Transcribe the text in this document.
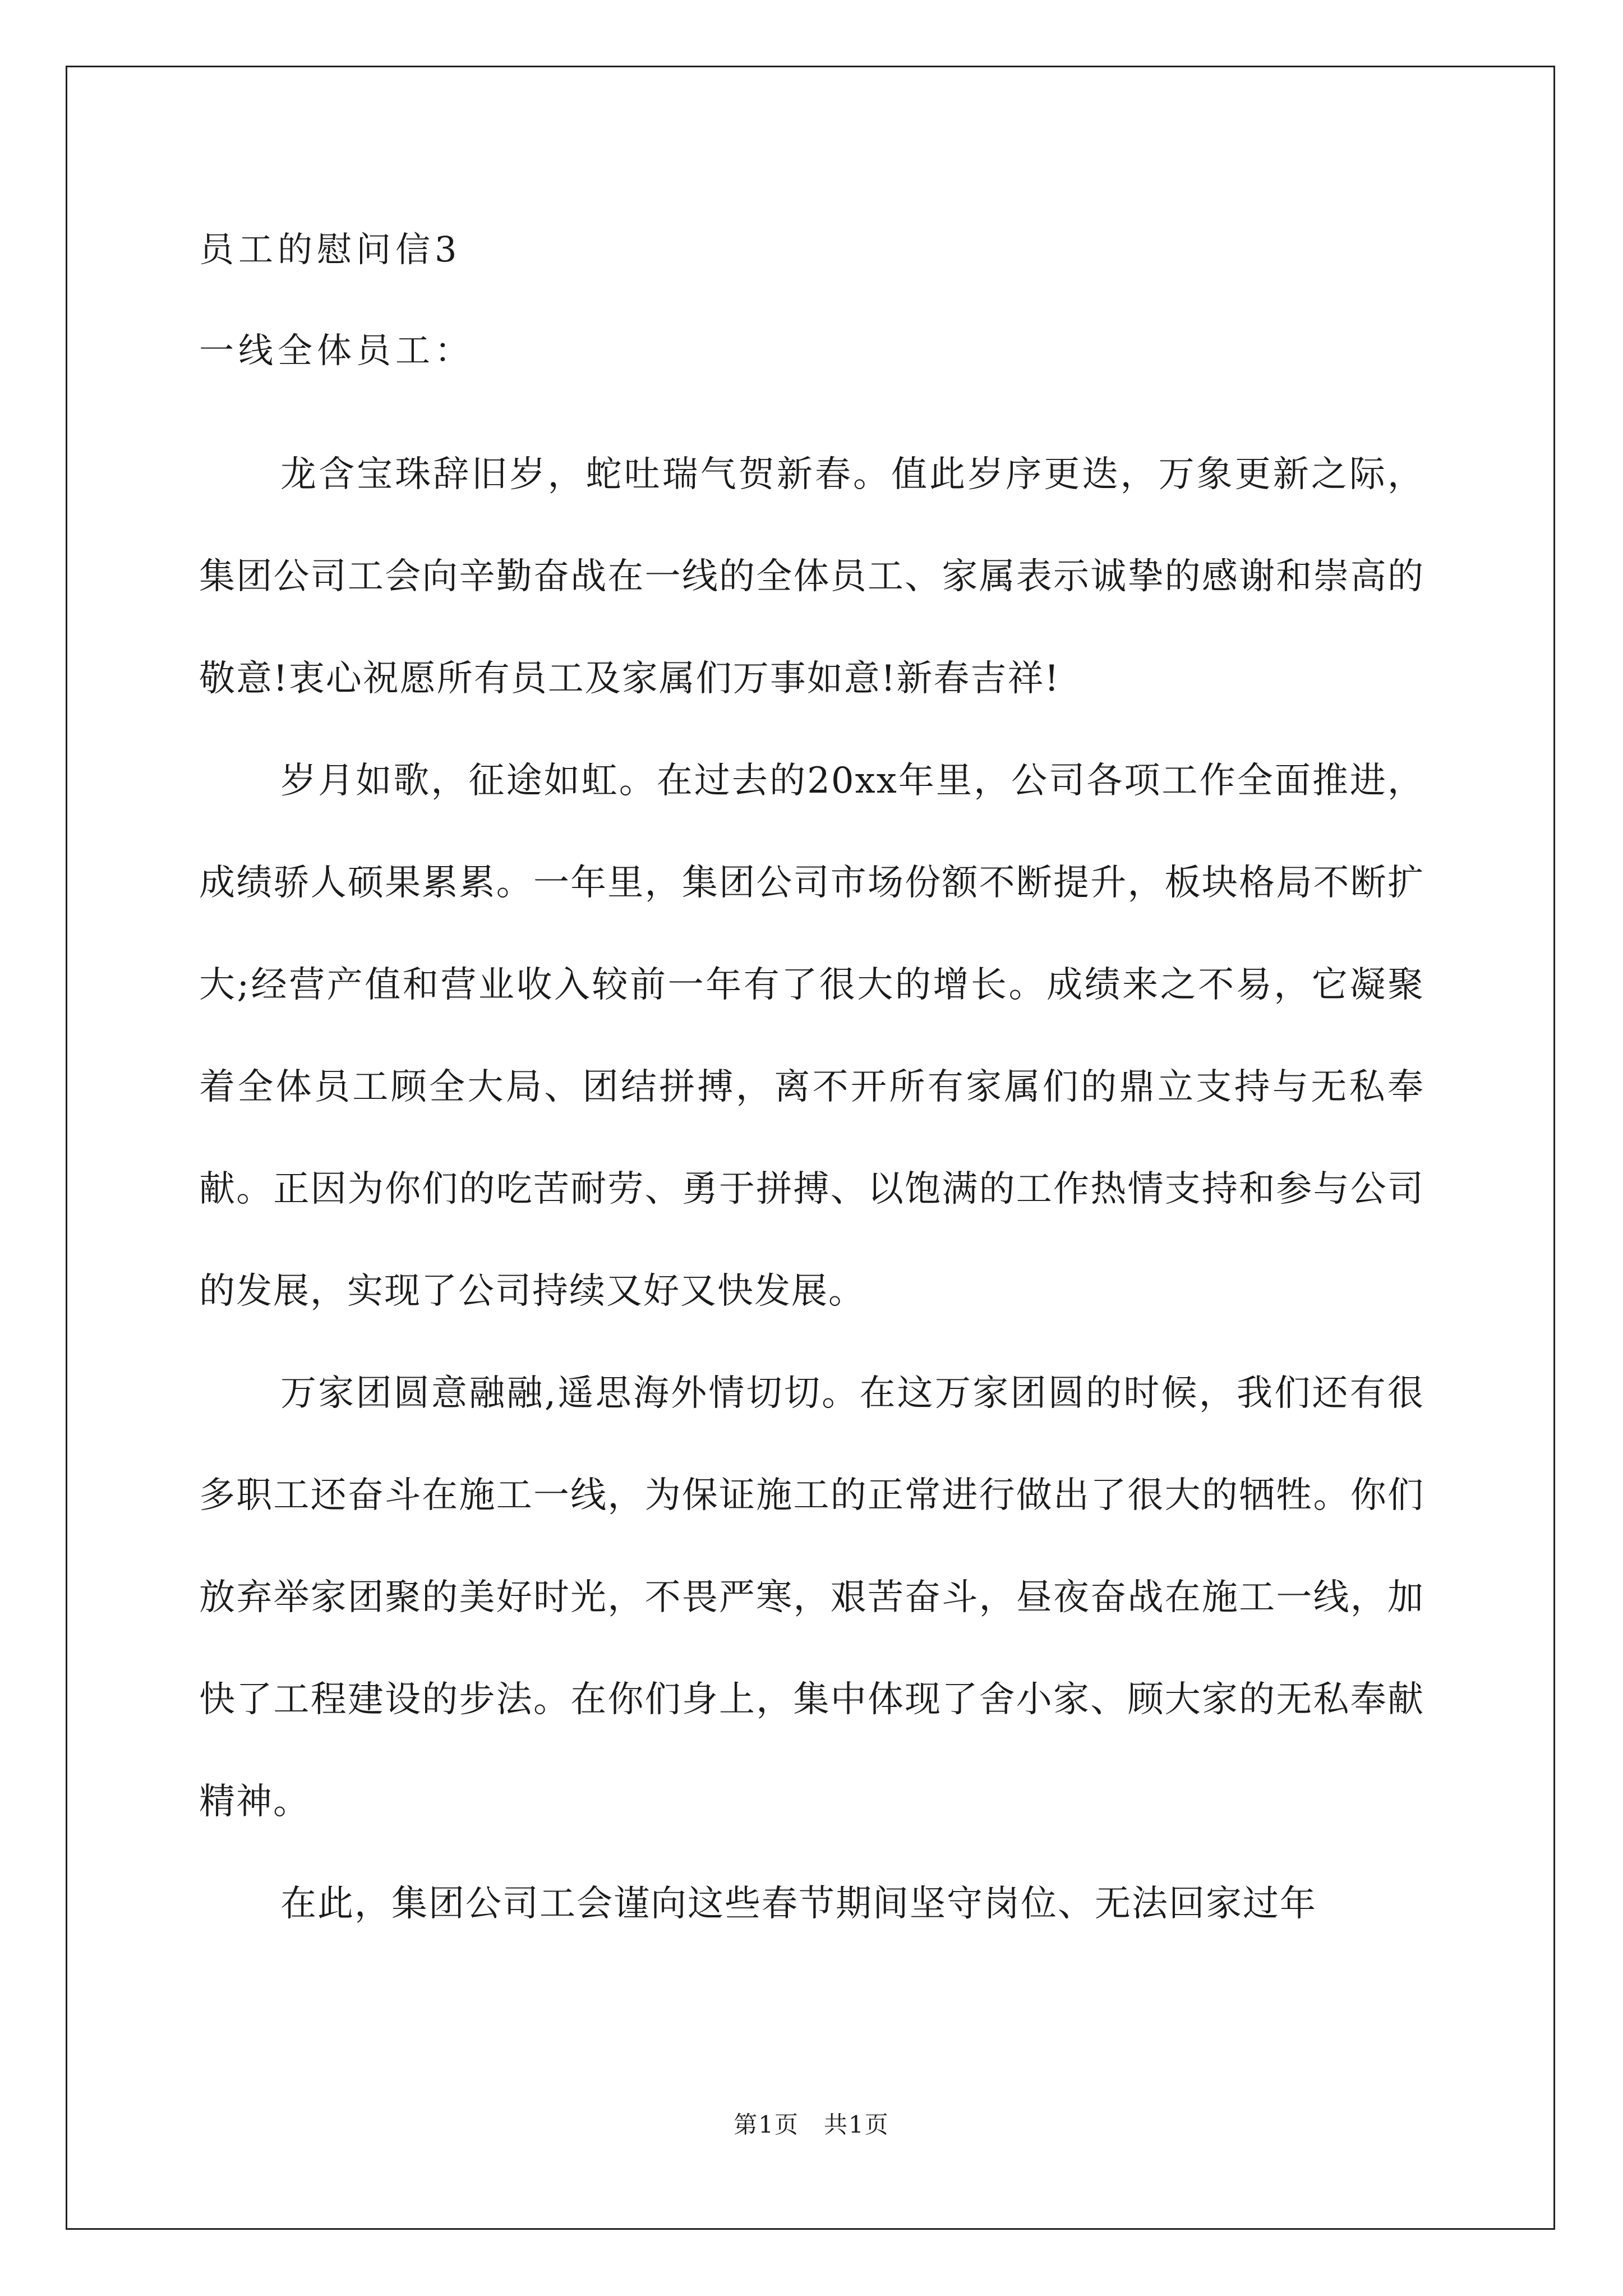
员工的慰问信3
一线全体员工：

龙含宝珠辞旧岁，蛇吐瑞气贺新春。值此岁序更迭，万象更新之际，集团公司工会向辛勤奋战在一线的全体员工、家属表示诚挚的感谢和崇高的敬意!衷心祝愿所有员工及家属们万事如意!新春吉祥!

岁月如歌，征途如虹。在过去的20xx年里，公司各项工作全面推进，成绩骄人硕果累累。一年里，集团公司市场份额不断提升，板块格局不断扩大;经营产值和营业收入较前一年有了很大的增长。成绩来之不易，它凝聚着全体员工顾全大局、团结拼搏，离不开所有家属们的鼎立支持与无私奉献。正因为你们的吃苦耐劳、勇于拼搏、以饱满的工作热情支持和参与公司的发展，实现了公司持续又好又快发展。

万家团圆意融融,遥思海外情切切。在这万家团圆的时候，我们还有很多职工还奋斗在施工一线，为保证施工的正常进行做出了很大的牺牲。你们放弃举家团聚的美好时光，不畏严寒，艰苦奋斗，昼夜奋战在施工一线，加快了工程建设的步法。在你们身上，集中体现了舍小家、顾大家的无私奉献精神。

在此，集团公司工会谨向这些春节期间坚守岗位、无法回家过年

第1页　共1页
